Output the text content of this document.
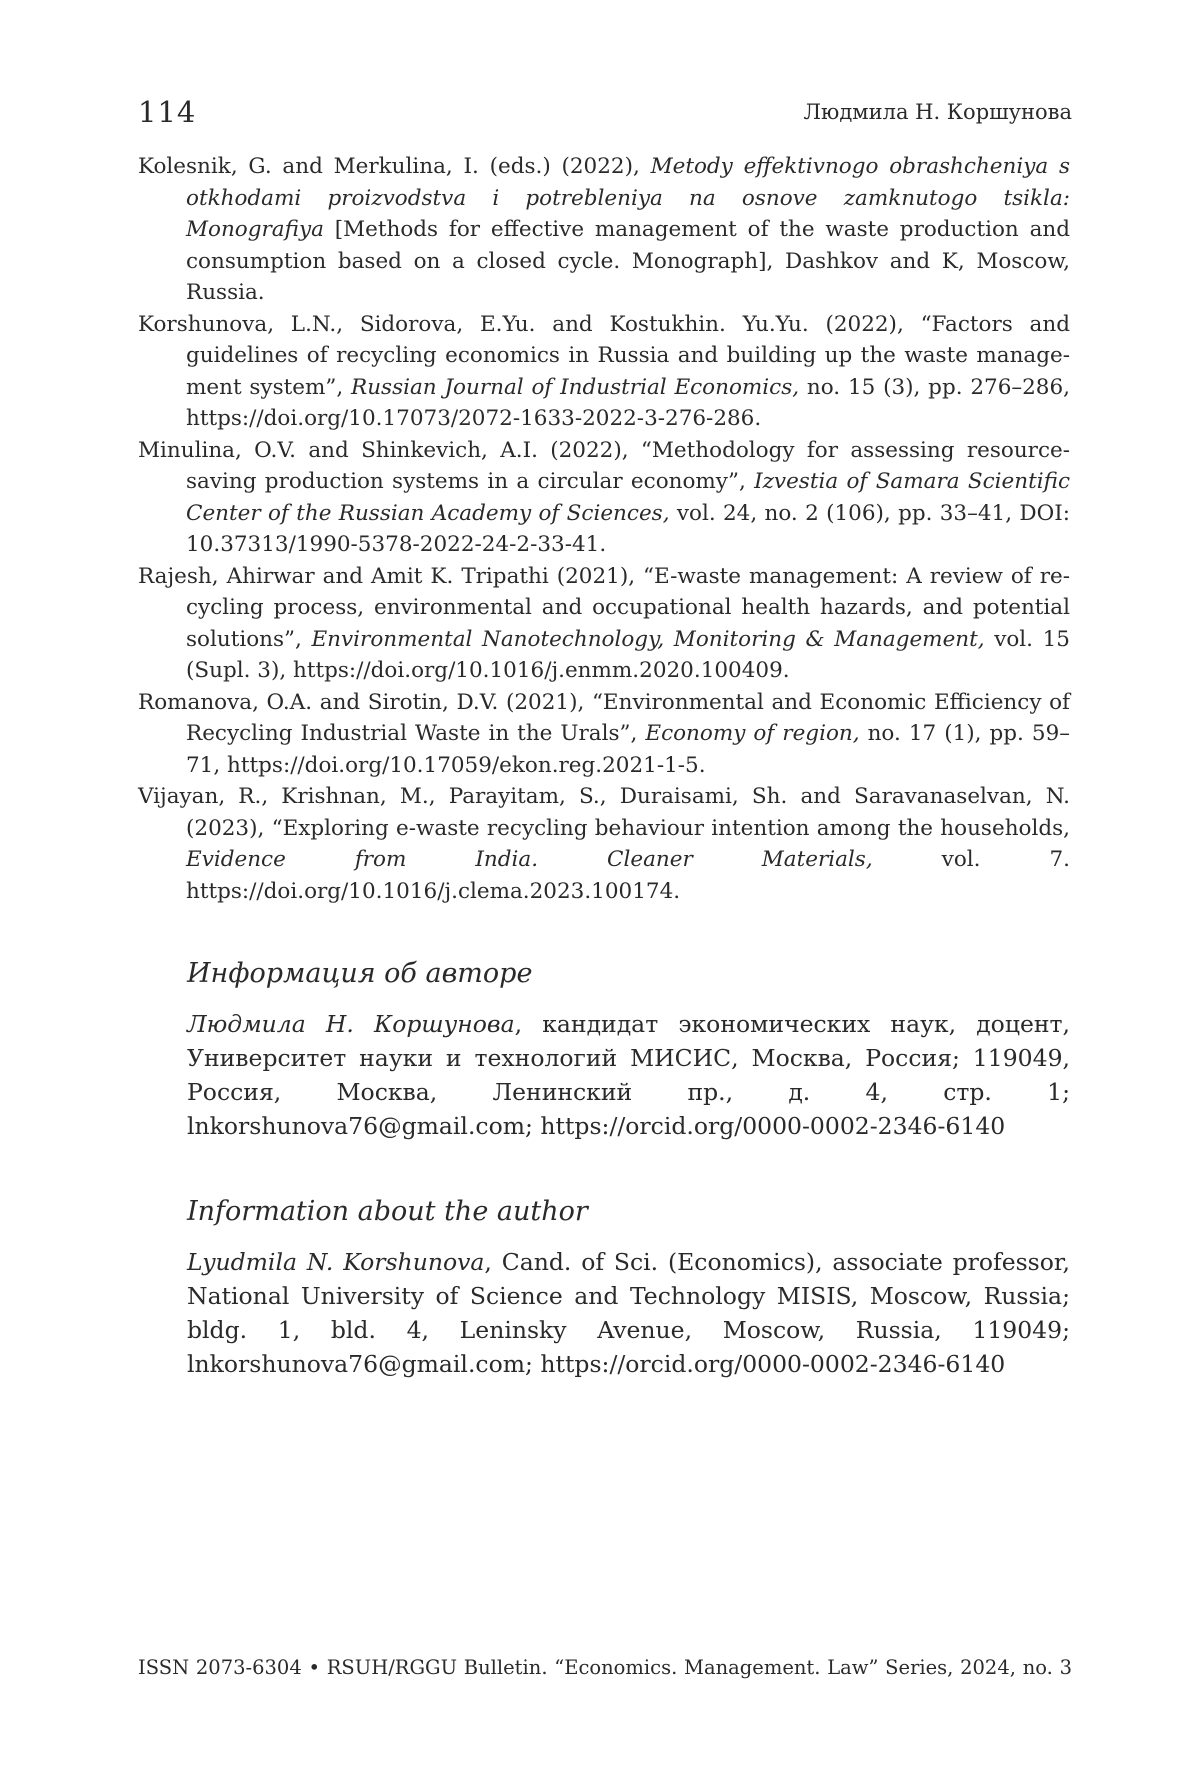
114	Людмила Н. Коршунова

Kolesnik, G. and Merkulina, I. (eds.) (2022), Metody effektivnogo obrashcheniya s otkhodami proizvodstva i potrebleniya na osnove zamknutogo tsikla: Monografiya [Methods for effective management of the waste production and consumption based on a closed cycle. Monograph], Dashkov and K, Moscow, Russia.

Korshunova, L.N., Sidorova, E.Yu. and Kostukhin. Yu.Yu. (2022), “Factors and guidelines of recycling economics in Russia and building up the waste management system”, Russian Journal of Industrial Economics, no. 15 (3), pp. 276–286, https://doi.org/10.17073/2072-1633-2022-3-276-286.

Minulina, O.V. and Shinkevich, A.I. (2022), “Methodology for assessing resource-saving production systems in a circular economy”, Izvestia of Samara Scientific Center of the Russian Academy of Sciences, vol. 24, no. 2 (106), pp. 33–41, DOI: 10.37313/1990-5378-2022-24-2-33-41.

Rajesh, Ahirwar and Amit K. Tripathi (2021), “E-waste management: A review of recycling process, environmental and occupational health hazards, and potential solutions”, Environmental Nanotechnology, Monitoring & Management, vol. 15 (Supl. 3), https://doi.org/10.1016/j.enmm.2020.100409.

Romanova, O.A. and Sirotin, D.V. (2021), “Environmental and Economic Efficiency of Recycling Industrial Waste in the Urals”, Economy of region, no. 17 (1), pp. 59–71, https://doi.org/10.17059/ekon.reg.2021-1-5.

Vijayan, R., Krishnan, M., Parayitam, S., Duraisami, Sh. and Saravanaselvan, N. (2023), “Exploring e-waste recycling behaviour intention among the households, Evidence from India. Cleaner Materials, vol. 7. https://doi.org/10.1016/j.clema.2023.100174.

Информация об авторе

Людмила Н. Коршунова, кандидат экономических наук, доцент, Университет науки и технологий МИСИС, Москва, Россия; 119049, Россия, Москва, Ленинский пр., д. 4, стр. 1; lnkorshunova76@gmail.com; https://orcid.org/0000-0002-2346-6140

Information about the author

Lyudmila N. Korshunova, Cand. of Sci. (Economics), associate professor, National University of Science and Technology MISIS, Moscow, Russia; bldg. 1, bld. 4, Leninsky Avenue, Moscow, Russia, 119049; lnkorshunova76@gmail.com; https://orcid.org/0000-0002-2346-6140

ISSN 2073-6304 • RSUH/RGGU Bulletin. “Economics. Management. Law” Series, 2024, no. 3
